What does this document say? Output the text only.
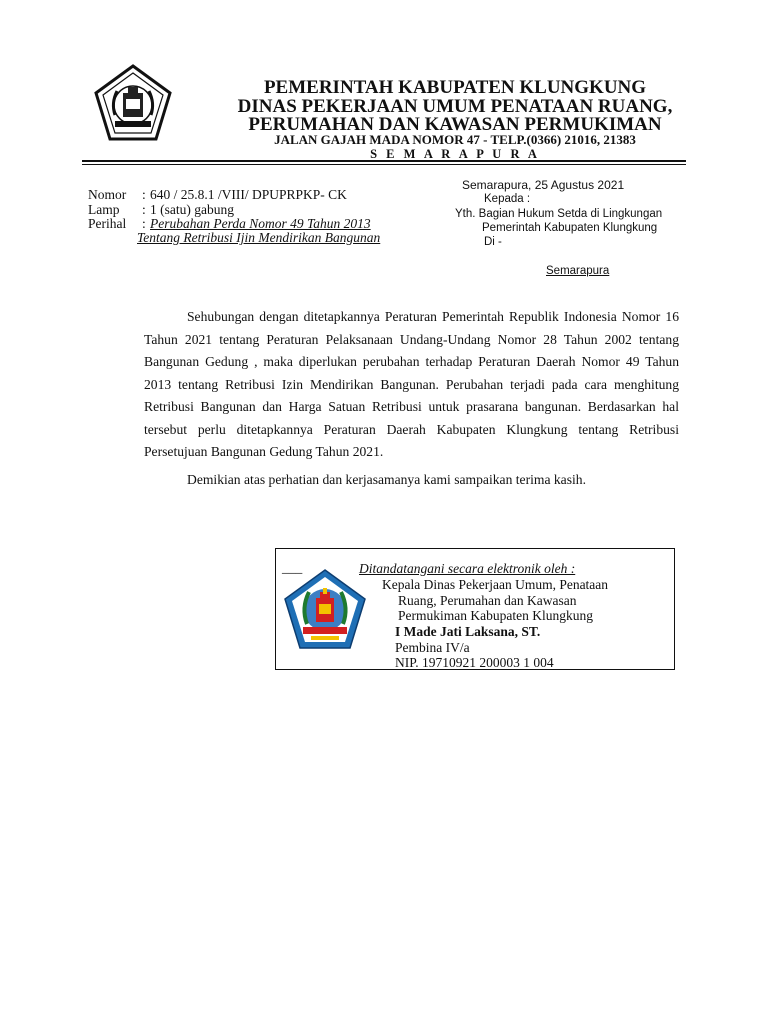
PEMERINTAH KABUPATEN KLUNGKUNG
DINAS PEKERJAAN UMUM PENATAAN RUANG,
PERUMAHAN DAN KAWASAN PERMUKIMAN
JALAN GAJAH MADA NOMOR 47 - TELP.(0366) 21016, 21383
S E M A R A P U R A
Nomor : 640 / 25.8.1 /VIII/ DPUPRPKP- CK
Lamp : 1 (satu) gabung
Perihal : Perubahan Perda Nomor 49 Tahun 2013
Tentang Retribusi Ijin Mendirikan Bangunan
Semarapura, 25 Agustus 2021
Kepada :
Yth. Bagian Hukum Setda di Lingkungan
Pemerintah Kabupaten Klungkung
Di -
Semarapura
Sehubungan dengan ditetapkannya Peraturan Pemerintah Republik Indonesia Nomor 16 Tahun 2021 tentang Peraturan Pelaksanaan Undang-Undang Nomor 28 Tahun 2002 tentang Bangunan Gedung , maka diperlukan perubahan terhadap Peraturan Daerah Nomor 49 Tahun 2013 tentang Retribusi Izin Mendirikan Bangunan. Perubahan terjadi pada cara menghitung Retribusi Bangunan dan Harga Satuan Retribusi untuk prasarana bangunan. Berdasarkan hal tersebut perlu ditetapkannya Peraturan Daerah Kabupaten Klungkung tentang Retribusi Persetujuan Bangunan Gedung Tahun 2021.
Demikian atas perhatian dan kerjasamanya kami sampaikan terima kasih.
___	Ditandatangani secara elektronik oleh :
Kepala Dinas Pekerjaan Umum, Penataan
Ruang, Perumahan dan Kawasan
Permukiman Kabupaten Klungkung
I Made Jati Laksana, ST.
Pembina IV/a
NIP. 19710921 200003 1 004
